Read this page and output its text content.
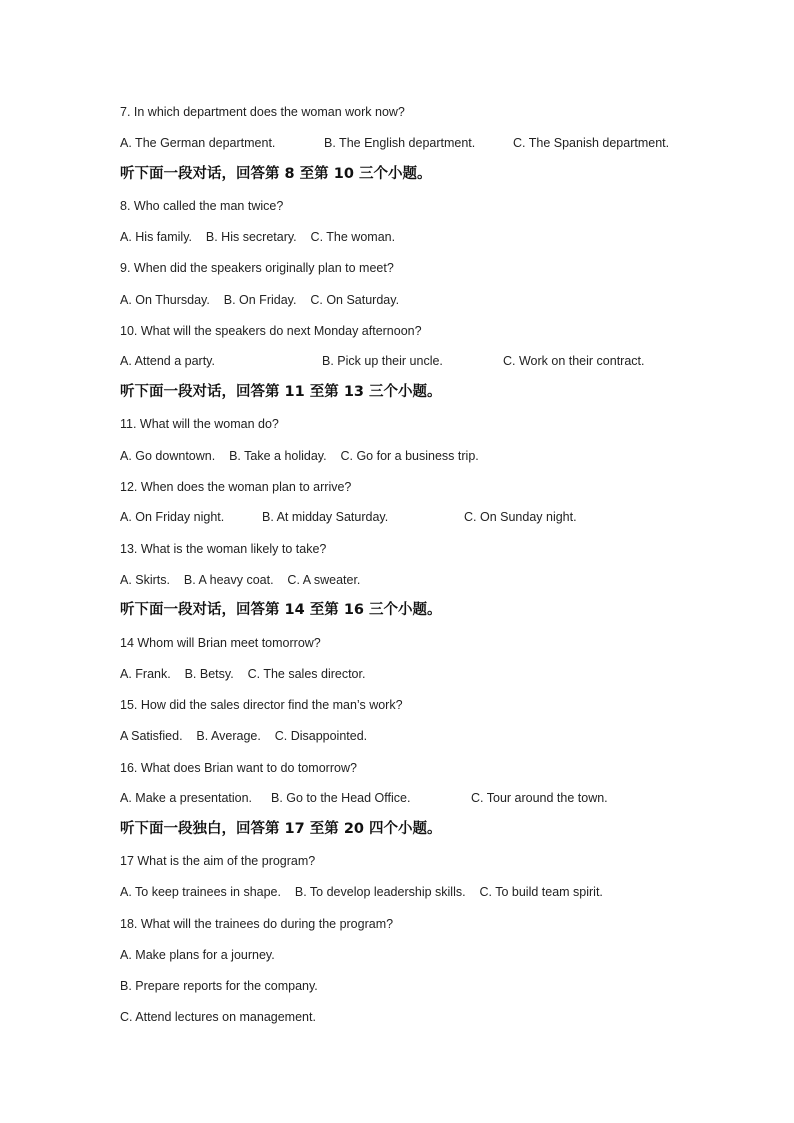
7. In which department does the woman work now?
A. The German department.	B. The English department.	C. The Spanish department.
听下面一段对话，回答第 8 至第 10 三个小题。
8. Who called the man twice?
A. His family.    B. His secretary.    C. The woman.
9. When did the speakers originally plan to meet?
A. On Thursday.    B. On Friday.    C. On Saturday.
10. What will the speakers do next Monday afternoon?
A. Attend a party.	B. Pick up their uncle.	C. Work on their contract.
听下面一段对话，回答第 11 至第 13 三个小题。
11. What will the woman do?
A. Go downtown.    B. Take a holiday.    C. Go for a business trip.
12. When does the woman plan to arrive?
A. On Friday night.	B. At midday Saturday.	C. On Sunday night.
13. What is the woman likely to take?
A. Skirts.    B. A heavy coat.    C. A sweater.
听下面一段对话，回答第 14 至第 16 三个小题。
14 Whom will Brian meet tomorrow?
A. Frank.    B. Betsy.    C. The sales director.
15. How did the sales director find the man’s work?
A Satisfied.    B. Average.    C. Disappointed.
16. What does Brian want to do tomorrow?
A. Make a presentation. B. Go to the Head Office.	C. Tour around the town.
听下面一段独白，回答第 17 至第 20 四个小题。
17 What is the aim of the program?
A. To keep trainees in shape.    B. To develop leadership skills.    C. To build team spirit.
18. What will the trainees do during the program?
A. Make plans for a journey.
B. Prepare reports for the company.
C. Attend lectures on management.
